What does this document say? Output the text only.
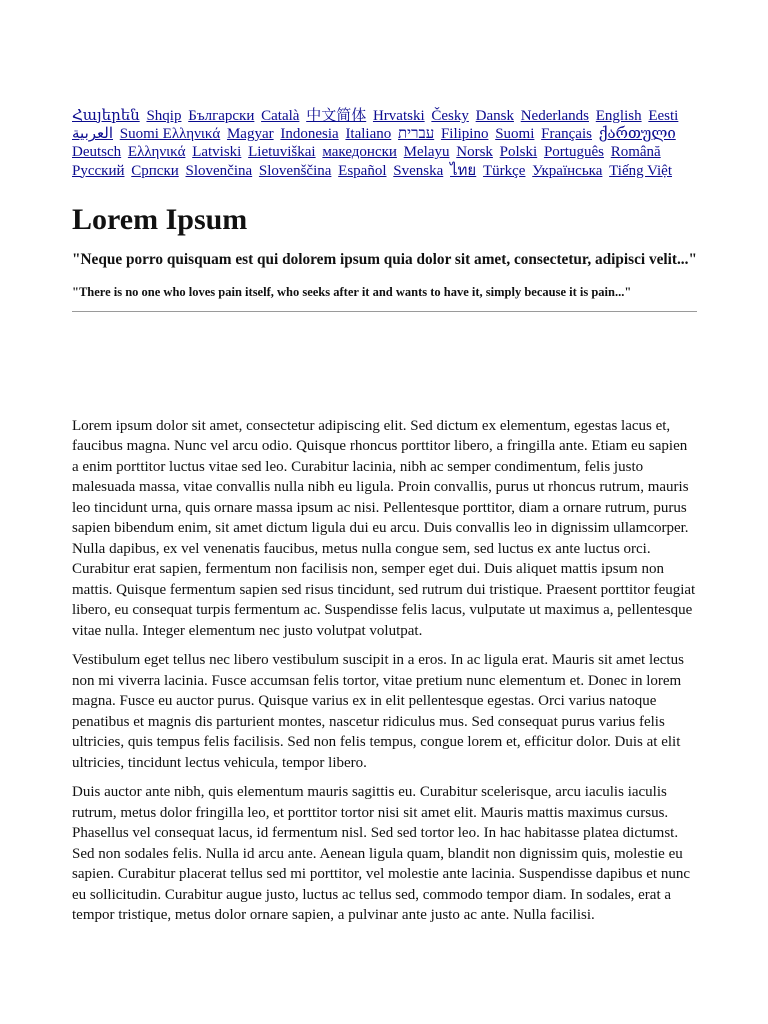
Հայերեն Shqip Български Català 中文简体 Hrvatski Česky Dansk Nederlands English Eesti العربية Suomi Ελληνικά Magyar Indonesia Italiano עברית Filipino Suomi Français ქართული Deutsch Ελληνικά Latviski Lietuviškai македонски Melayu Norsk Polski Português Română Pyccкий Српски Slovenčina Slovenščina Español Svenska ไทย Türkçe Українська Tiếng Việt
Lorem Ipsum
"Neque porro quisquam est qui dolorem ipsum quia dolor sit amet, consectetur, adipisci velit..."
"There is no one who loves pain itself, who seeks after it and wants to have it, simply because it is pain..."

Lorem ipsum dolor sit amet, consectetur adipiscing elit. Sed dictum ex elementum, egestas lacus et, faucibus magna. Nunc vel arcu odio. Quisque rhoncus porttitor libero, a fringilla ante. Etiam eu sapien a enim porttitor luctus vitae sed leo. Curabitur lacinia, nibh ac semper condimentum, felis justo malesuada massa, vitae convallis nulla nibh eu ligula. Proin convallis, purus ut rhoncus rutrum, mauris leo tincidunt urna, quis ornare massa ipsum ac nisi. Pellentesque porttitor, diam a ornare rutrum, purus sapien bibendum enim, sit amet dictum ligula dui eu arcu. Duis convallis leo in dignissim ullamcorper. Nulla dapibus, ex vel venenatis faucibus, metus nulla congue sem, sed luctus ex ante luctus orci. Curabitur erat sapien, fermentum non facilisis non, semper eget dui. Duis aliquet mattis ipsum non mattis. Quisque fermentum sapien sed risus tincidunt, sed rutrum dui tristique. Praesent porttitor feugiat libero, eu consequat turpis fermentum ac. Suspendisse felis lacus, vulputate ut maximus a, pellentesque vitae nulla. Integer elementum nec justo volutpat volutpat.

Vestibulum eget tellus nec libero vestibulum suscipit in a eros. In ac ligula erat. Mauris sit amet lectus non mi viverra lacinia. Fusce accumsan felis tortor, vitae pretium nunc elementum et. Donec in lorem magna. Fusce eu auctor purus. Quisque varius ex in elit pellentesque egestas. Orci varius natoque penatibus et magnis dis parturient montes, nascetur ridiculus mus. Sed consequat purus varius felis ultricies, quis tempus felis facilisis. Sed non felis tempus, congue lorem et, efficitur dolor. Duis at elit ultricies, tincidunt lectus vehicula, tempor libero.

Duis auctor ante nibh, quis elementum mauris sagittis eu. Curabitur scelerisque, arcu iaculis iaculis rutrum, metus dolor fringilla leo, et porttitor tortor nisi sit amet elit. Mauris mattis maximus cursus. Phasellus vel consequat lacus, id fermentum nisl. Sed sed tortor leo. In hac habitasse platea dictumst. Sed non sodales felis. Nulla id arcu ante. Aenean ligula quam, blandit non dignissim quis, molestie eu sapien. Curabitur placerat tellus sed mi porttitor, vel molestie ante lacinia. Suspendisse dapibus et nunc eu sollicitudin. Curabitur augue justo, luctus ac tellus sed, commodo tempor diam. In sodales, erat a tempor tristique, metus dolor ornare sapien, a pulvinar ante justo ac ante. Nulla facilisi.
